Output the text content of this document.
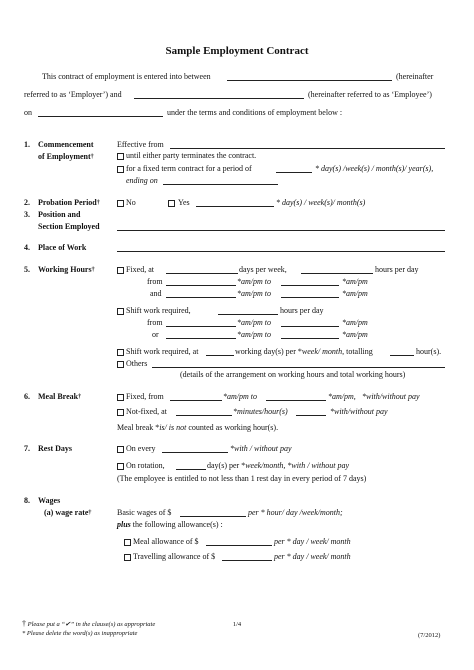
Sample Employment Contract
This contract of employment is entered into between	(hereinafter
referred to as ‘Employer’) and	(hereinafter referred to as ‘Employee’)
on	under the terms and conditions of employment below :
1. Commencement
of Employment†
Effective from
until either party terminates the contract.
for a fixed term contract for a period of	* day(s) /week(s) / month(s)/ year(s),
ending on
2. Probation Period†	No	Yes	* day(s) / week(s)/ month(s)
3. Position and
Section Employed
4. Place of Work
5. Working Hours†	Fixed, at	days per week,	hours per day
from	*am/pm to	*am/pm
and	*am/pm to	*am/pm
Shift work required,	hours per day
from	*am/pm to	*am/pm
or	*am/pm to	*am/pm
Shift work required, at	working day(s) per *week/ month, totalling	hour(s).
Others
(details of the arrangement on working hours and total working hours)
6. Meal Break†	Fixed, from	*am/pm to	*am/pm, *with/without pay
Not-fixed, at	*minutes/hour(s)	*with/without pay
Meal break *is/ is not counted as working hour(s).
7. Rest Days	On every	*with / without pay
On rotation,	day(s) per *week/month, *with / without pay
(The employee is entitled to not less than 1 rest day in every period of 7 days)
8. Wages
(a) wage rate†	Basic wages of $	per * hour/ day /week/month;
plus the following allowance(s) :
Meal allowance of $	per * day / week/ month
Travelling allowance of $	per * day / week/ month
† Please put a “✔” in the clause(s) as appropriate
* Please delete the word(s) as inappropriate
1/4
(7/2012)
